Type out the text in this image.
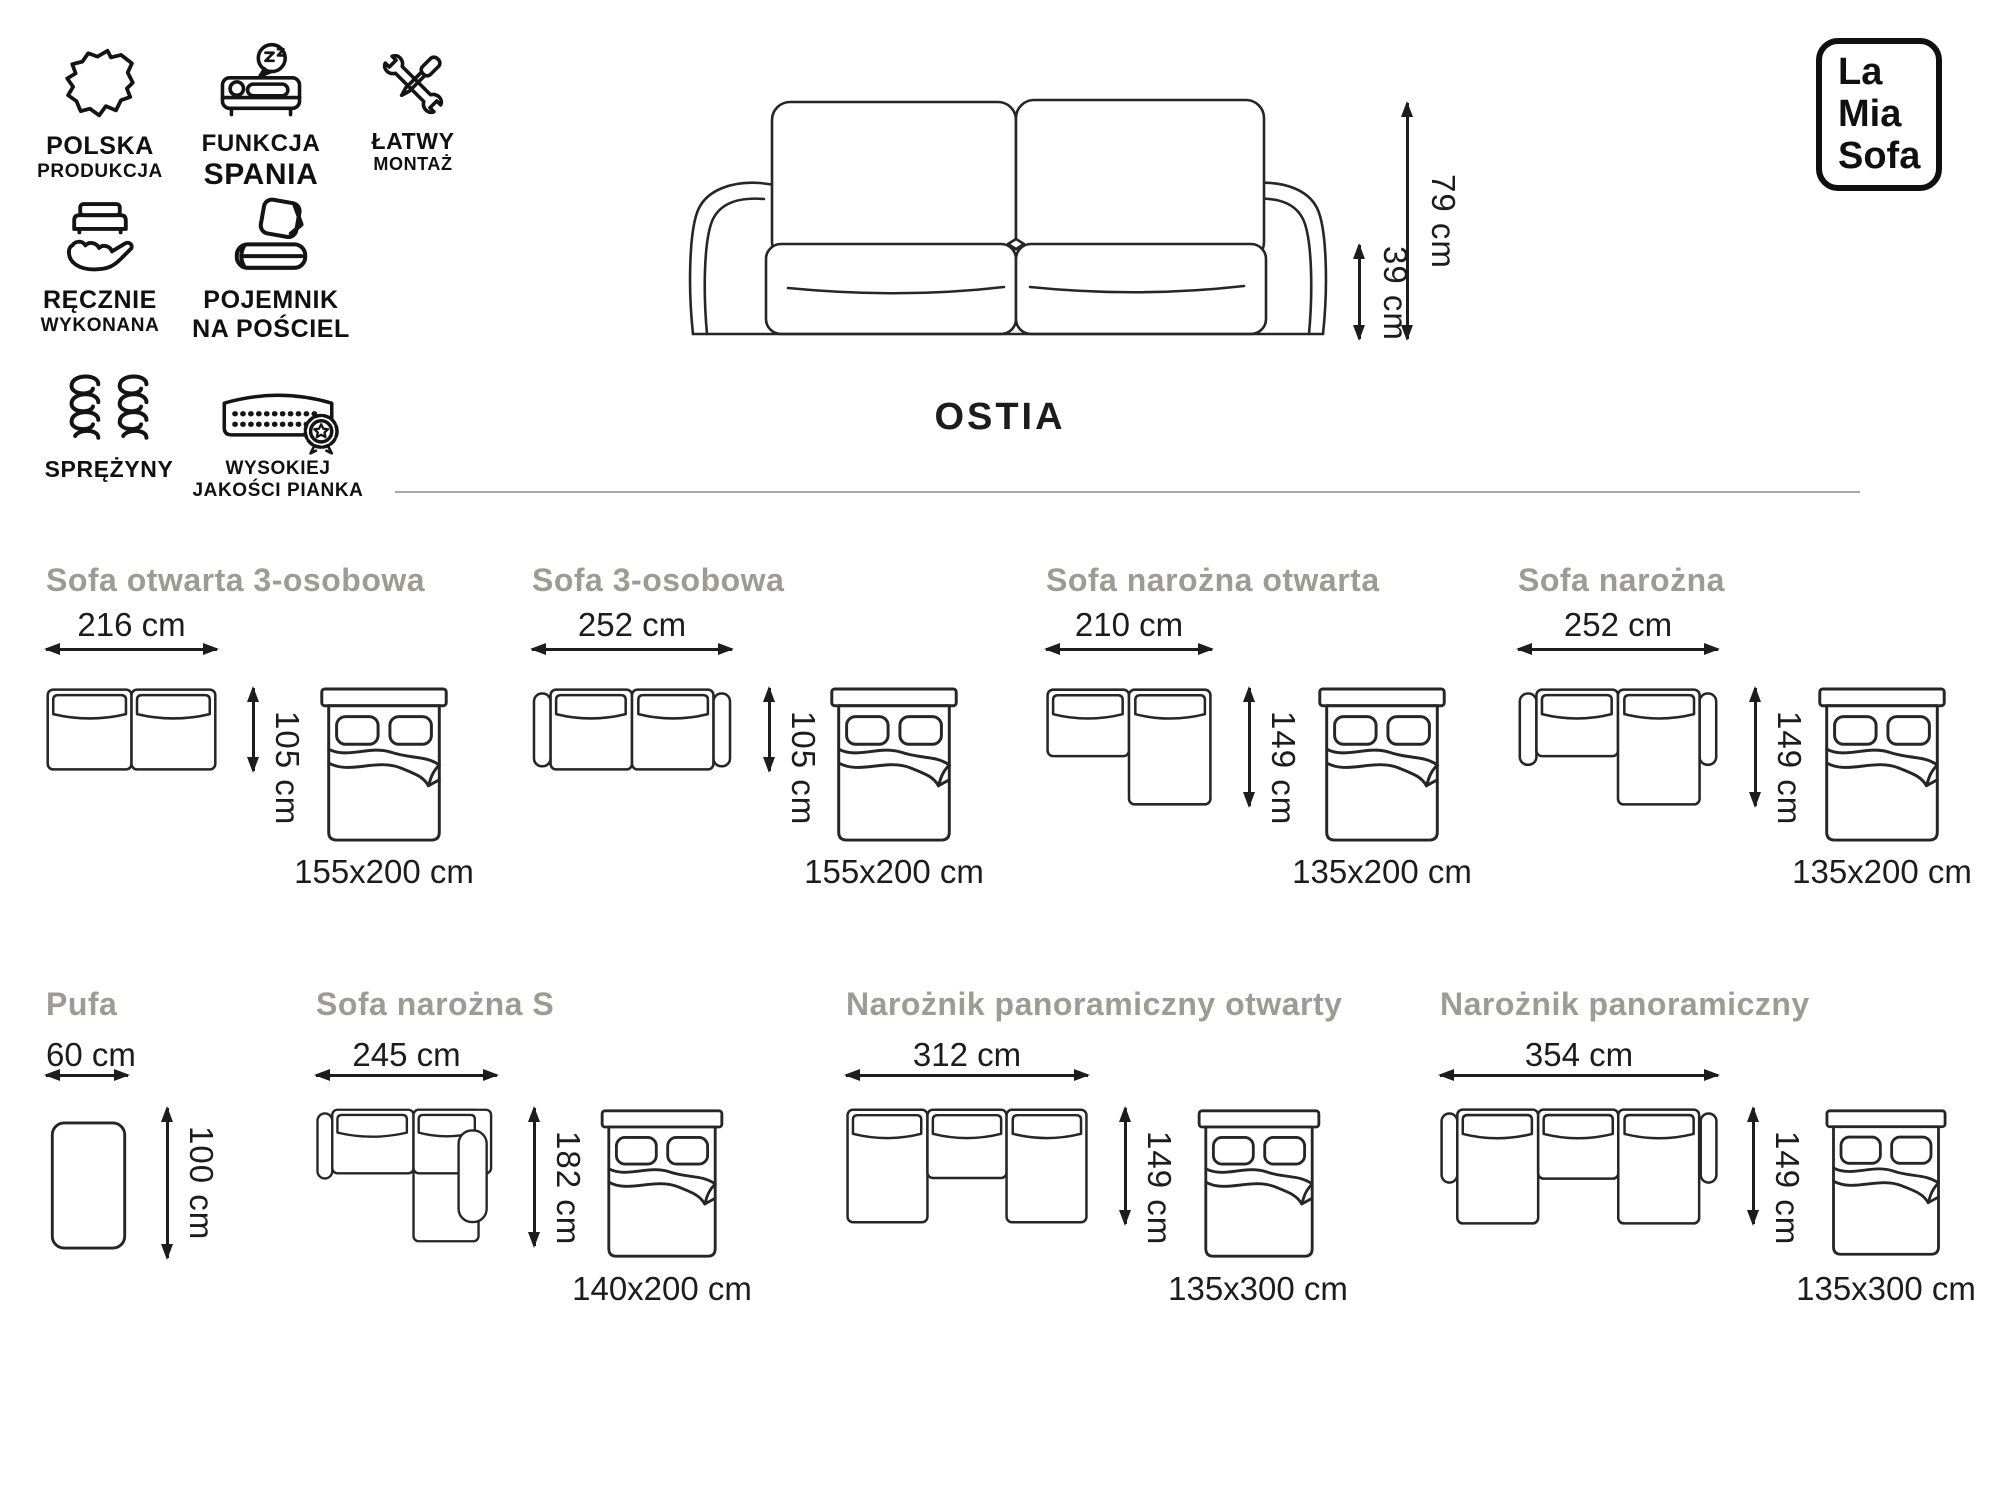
POLSKA
PRODUKCJA
FUNKCJA
SPANIA
ŁATWY
MONTAŻ
RĘCZNIE
WYKONANA
POJEMNIK
NA POŚCIEL
SPRĘŻYNY	WYSOKIEJ
JAKOŚCI PIANKA
79 cm
39 cm
OSTIA
La
Mia
Sofa
Sofa otwarta 3-osobowa
216 cm
105 cm
155x200 cm
Sofa 3-osobowa
252 cm
105 cm
155x200 cm
Sofa narożna otwarta
210 cm
149 cm
135x200 cm
Sofa narożna
252 cm
149 cm
135x200 cm
Pufa
60 cm
100 cm
Sofa narożna S
245 cm
182 cm
140x200 cm
Narożnik panoramiczny otwarty
312 cm
149 cm
135x300 cm
Narożnik panoramiczny
354 cm
149 cm
135x300 cm
